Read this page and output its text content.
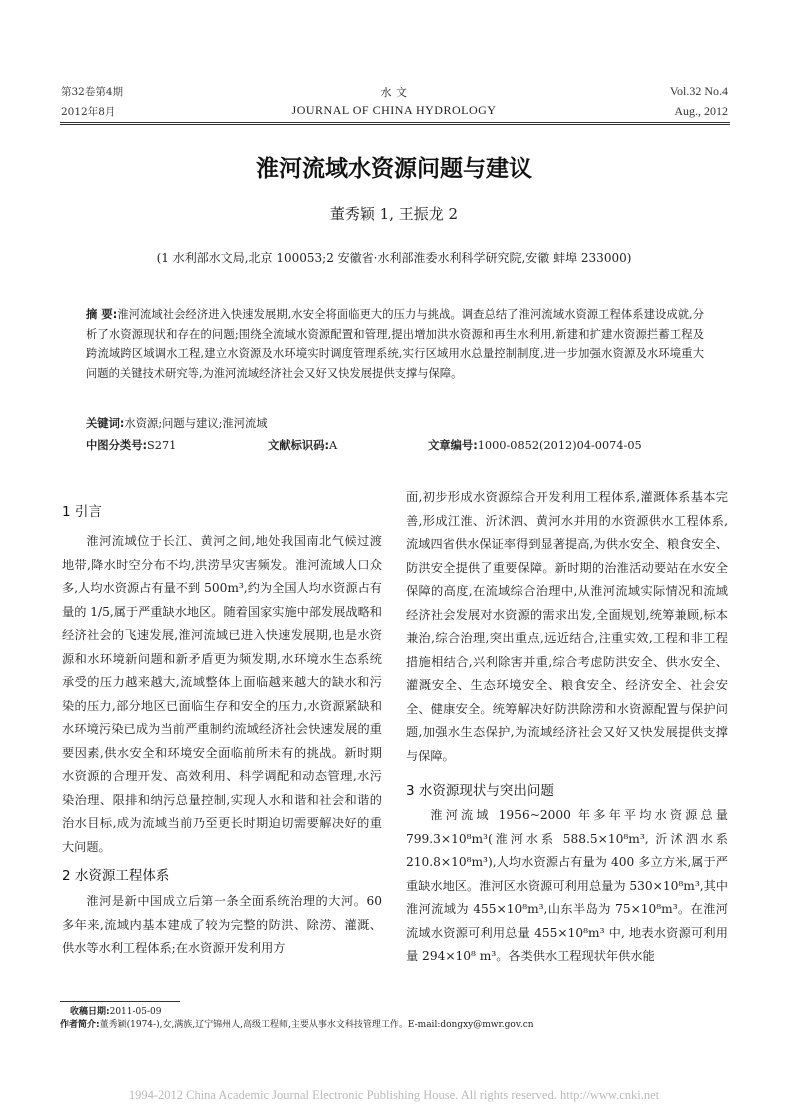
第32卷第4期
2012年8月
水 文
JOURNAL OF CHINA HYDROLOGY
Vol.32 No.4
Aug., 2012
淮河流域水资源问题与建议
董秀颖 1, 王振龙 2
(1 水利部水文局,北京 100053;2 安徽省·水利部淮委水利科学研究院,安徽 蚌埠 233000)
摘 要:淮河流域社会经济进入快速发展期,水安全将面临更大的压力与挑战。调查总结了淮河流域水资源工程体系建设成就,分析了水资源现状和存在的问题;围绕全流域水资源配置和管理,提出增加洪水资源和再生水利用,新建和扩建水资源拦蓄工程及跨流域跨区域调水工程,建立水资源及水环境实时调度管理系统,实行区域用水总量控制制度,进一步加强水资源及水环境重大问题的关键技术研究等,为淮河流域经济社会又好又快发展提供支撑与保障。
关键词:水资源;问题与建议;淮河流域
中图分类号:S271	文献标识码:A	文章编号:1000-0852(2012)04-0074-05
1 引言

淮河流域位于长江、黄河之间,地处我国南北气候过渡地带,降水时空分布不均,洪涝旱灾害频发。淮河流域人口众多,人均水资源占有量不到 500m³,约为全国人均水资源占有量的 1/5,属于严重缺水地区。随着国家实施中部发展战略和经济社会的飞速发展,淮河流域已进入快速发展期,也是水资源和水环境新问题和新矛盾更为频发期,水环境水生态系统承受的压力越来越大,流域整体上面临越来越大的缺水和污染的压力,部分地区已面临生存和安全的压力,水资源紧缺和水环境污染已成为当前严重制约流域经济社会快速发展的重要因素,供水安全和环境安全面临前所未有的挑战。新时期水资源的合理开发、高效利用、科学调配和动态管理,水污染治理、限排和纳污总量控制,实现人水和谐和社会和谐的治水目标,成为流域当前乃至更长时期迫切需要解决好的重大问题。

2 水资源工程体系

淮河是新中国成立后第一条全面系统治理的大河。60 多年来,流域内基本建成了较为完整的防洪、除涝、灌溉、供水等水利工程体系;在水资源开发利用方

面,初步形成水资源综合开发利用工程体系,灌溉体系基本完善,形成江淮、沂沭泗、黄河水并用的水资源供水工程体系,流域四省供水保证率得到显著提高,为供水安全、粮食安全、防洪安全提供了重要保障。新时期的治淮活动要站在水安全保障的高度,在流域综合治理中,从淮河流域实际情况和流域经济社会发展对水资源的需求出发,全面规划,统筹兼顾,标本兼治,综合治理,突出重点,远近结合,注重实效,工程和非工程措施相结合,兴利除害并重,综合考虑防洪安全、供水安全、灌溉安全、生态环境安全、粮食安全、经济安全、社会安全、健康安全。统筹解决好防洪除涝和水资源配置与保护问题,加强水生态保护,为流域经济社会又好又快发展提供支撑与保障。

3 水资源现状与突出问题

淮河流域 1956~2000 年多年平均水资源总量 799.3×10⁸m³(淮河水系 588.5×10⁸m³, 沂沭泗水系 210.8×10⁸m³),人均水资源占有量为 400 多立方米,属于严重缺水地区。淮河区水资源可利用总量为 530×10⁸m³,其中淮河流域为 455×10⁸m³,山东半岛为 75×10⁸m³。在淮河流域水资源可利用总量 455×10⁸m³ 中, 地表水资源可利用量 294×10⁸ m³。各类供水工程现状年供水能

收稿日期:2011-05-09
作者简介:董秀颖(1974-),女,满族,辽宁锦州人,高级工程师,主要从事水文科技管理工作。E-mail:dongxy@mwr.gov.cn
1994-2012 China Academic Journal Electronic Publishing House. All rights reserved. http://www.cnki.net
